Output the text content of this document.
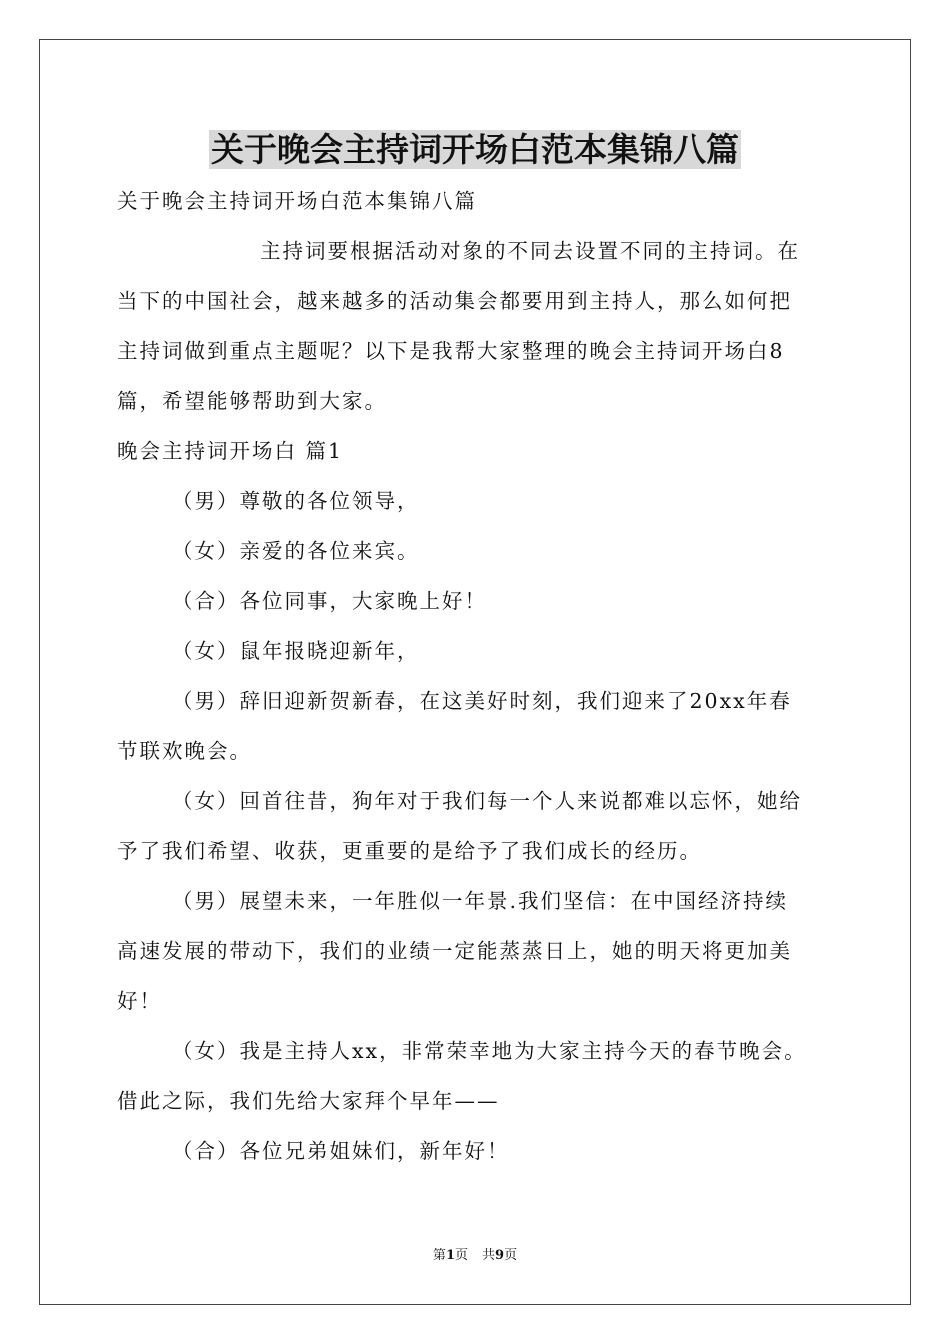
关于晚会主持词开场白范本集锦八篇
关于晚会主持词开场白范本集锦八篇
主持词要根据活动对象的不同去设置不同的主持词。在
当下的中国社会，越来越多的活动集会都要用到主持人，那么如何把
主持词做到重点主题呢？以下是我帮大家整理的晚会主持词开场白8
篇，希望能够帮助到大家。
晚会主持词开场白 篇1
（男）尊敬的各位领导，
（女）亲爱的各位来宾。
（合）各位同事，大家晚上好！
（女）鼠年报晓迎新年，
（男）辞旧迎新贺新春，在这美好时刻，我们迎来了20xx年春
节联欢晚会。
（女）回首往昔，狗年对于我们每一个人来说都难以忘怀，她给
予了我们希望、收获，更重要的是给予了我们成长的经历。
（男）展望未来，一年胜似一年景.我们坚信：在中国经济持续
高速发展的带动下，我们的业绩一定能蒸蒸日上，她的明天将更加美
好！
（女）我是主持人xx，非常荣幸地为大家主持今天的春节晚会。
借此之际，我们先给大家拜个早年——
（合）各位兄弟姐妹们，新年好！
第1页 共9页
